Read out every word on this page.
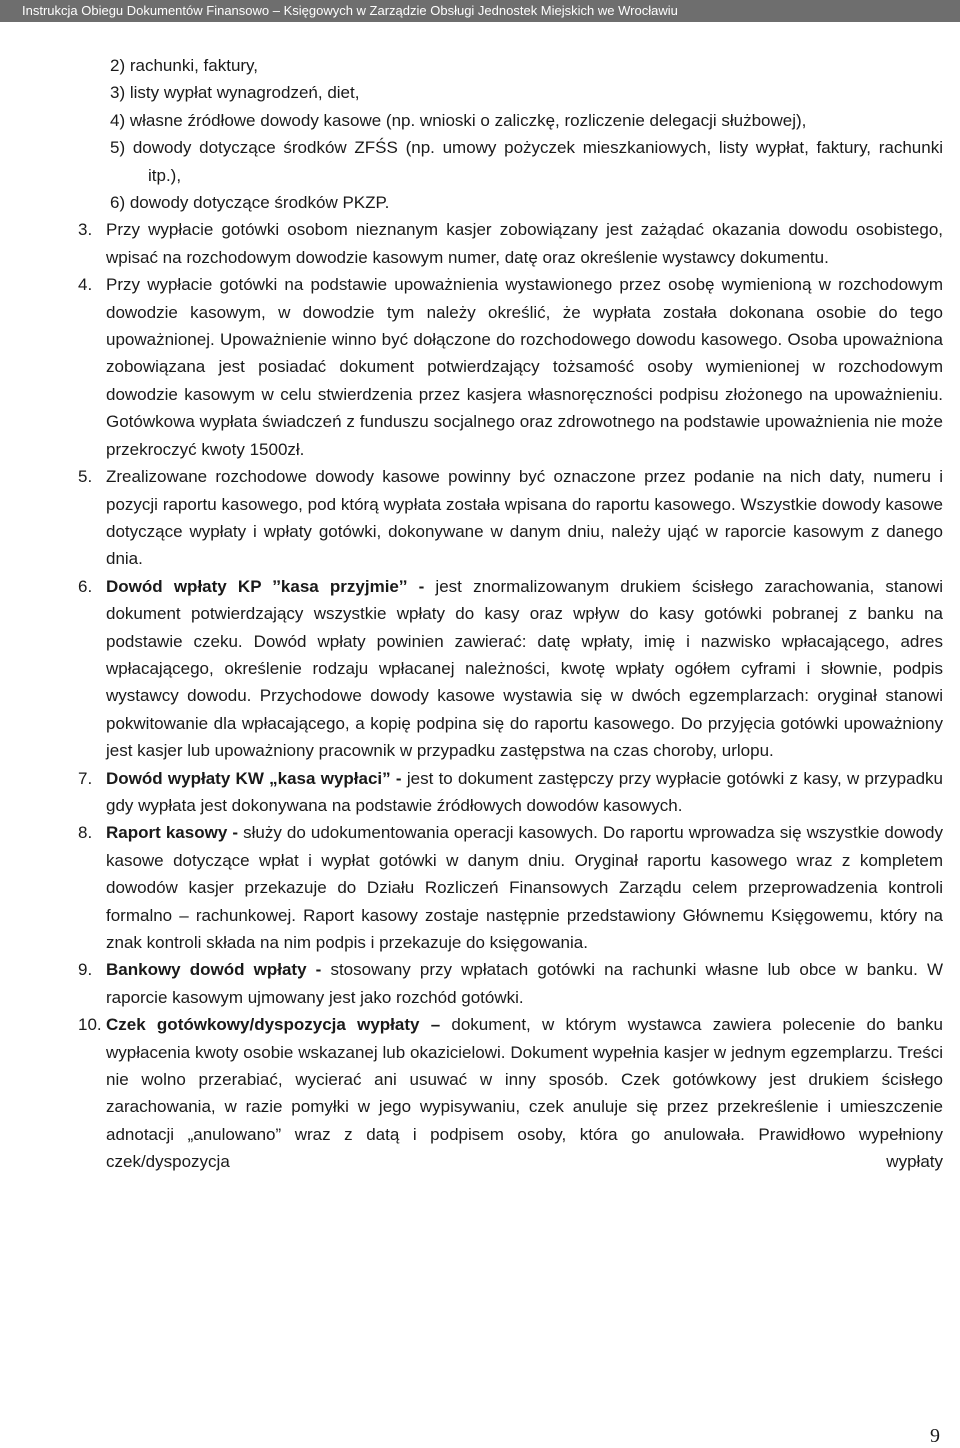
Instrukcja Obiegu Dokumentów Finansowo – Księgowych w Zarządzie Obsługi Jednostek Miejskich we Wrocławiu
2) rachunki, faktury,
3) listy wypłat wynagrodzeń, diet,
4) własne źródłowe dowody kasowe (np. wnioski o zaliczkę, rozliczenie delegacji służbowej),
5) dowody dotyczące środków ZFŚS (np. umowy pożyczek mieszkaniowych, listy wypłat, faktury, rachunki itp.),
6) dowody dotyczące środków PKZP.
3. Przy wypłacie gotówki osobom nieznanym kasjer zobowiązany jest zażądać okazania dowodu osobistego, wpisać na rozchodowym dowodzie kasowym numer, datę oraz określenie wystawcy dokumentu.

4. Przy wypłacie gotówki na podstawie upoważnienia wystawionego przez osobę wymienioną w rozchodowym dowodzie kasowym, w dowodzie tym należy określić, że wypłata została dokonana osobie do tego upoważnionej. Upoważnienie winno być dołączone do rozchodowego dowodu kasowego. Osoba upoważniona zobowiązana jest posiadać dokument potwierdzający tożsamość osoby wymienionej w rozchodowym dowodzie kasowym w celu stwierdzenia przez kasjera własnoręczności podpisu złożonego na upoważnieniu. Gotówkowa wypłata świadczeń z funduszu socjalnego oraz zdrowotnego na podstawie upoważnienia nie może przekroczyć kwoty 1500zł.

5. Zrealizowane rozchodowe dowody kasowe powinny być oznaczone przez podanie na nich daty, numeru i pozycji raportu kasowego, pod którą wypłata została wpisana do raportu kasowego. Wszystkie dowody kasowe dotyczące wypłaty i wpłaty gotówki, dokonywane w danym dniu, należy ująć w raporcie kasowym z danego dnia.

6. Dowód wpłaty KP ˮkasa przyjmieˮ - jest znormalizowanym drukiem ścisłego zarachowania, stanowi dokument potwierdzający wszystkie wpłaty do kasy oraz wpływ do kasy gotówki pobranej z banku na podstawie czeku. Dowód wpłaty powinien zawierać: datę wpłaty, imię i nazwisko wpłacającego, adres wpłacającego, określenie rodzaju wpłacanej należności, kwotę wpłaty ogółem cyframi i słownie, podpis wystawcy dowodu. Przychodowe dowody kasowe wystawia się w dwóch egzemplarzach: oryginał stanowi pokwitowanie dla wpłacającego, a kopię podpina się do raportu kasowego. Do przyjęcia gotówki upoważniony jest kasjer lub upoważniony pracownik w przypadku zastępstwa na czas choroby, urlopu.

7. Dowód wypłaty KW „kasa wypłaci” - jest to dokument zastępczy przy wypłacie gotówki z kasy, w przypadku gdy wypłata jest dokonywana na podstawie źródłowych dowodów kasowych.

8. Raport kasowy - służy do udokumentowania operacji kasowych. Do raportu wprowadza się wszystkie dowody kasowe dotyczące wpłat i wypłat gotówki w danym dniu. Oryginał raportu kasowego wraz z kompletem dowodów kasjer przekazuje do Działu Rozliczeń Finansowych Zarządu celem przeprowadzenia kontroli formalno – rachunkowej. Raport kasowy zostaje następnie przedstawiony Głównemu Księgowemu, który na znak kontroli składa na nim podpis i przekazuje do księgowania.

9. Bankowy dowód wpłaty - stosowany przy wpłatach gotówki na rachunki własne lub obce w banku. W raporcie kasowym ujmowany jest jako rozchód gotówki.

10. Czek gotówkowy/dyspozycja wypłaty – dokument, w którym wystawca zawiera polecenie do banku wypłacenia kwoty osobie wskazanej lub okazicielowi. Dokument wypełnia kasjer w jednym egzemplarzu. Treści nie wolno przerabiać, wycierać ani usuwać w inny sposób. Czek gotówkowy jest drukiem ścisłego zarachowania, w razie pomyłki w jego wypisywaniu, czek anuluje się przez przekreślenie i umieszczenie adnotacji „anulowano” wraz z datą i podpisem osoby, która go anulowała. Prawidłowo wypełniony czek/dyspozycja wypłaty

9
